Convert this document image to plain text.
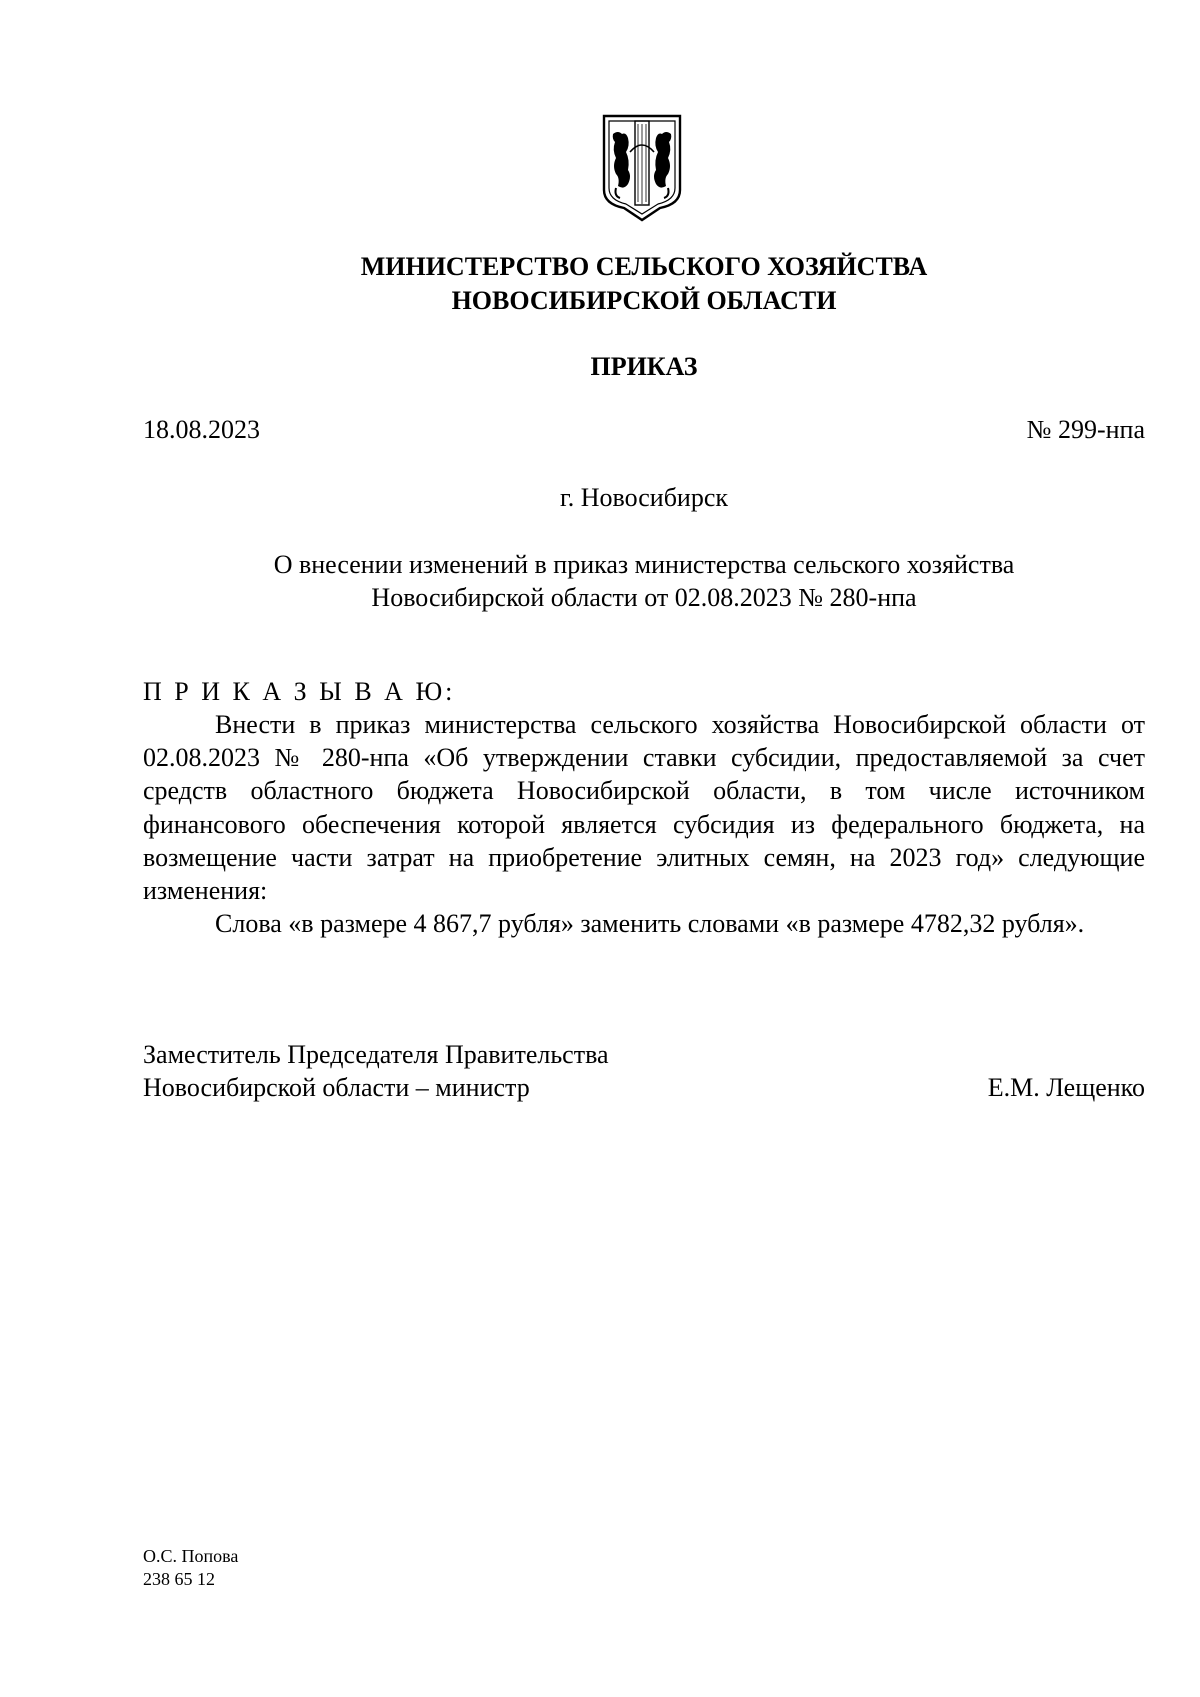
МИНИСТЕРСТВО СЕЛЬСКОГО ХОЗЯЙСТВА
НОВОСИБИРСКОЙ ОБЛАСТИ
ПРИКАЗ
18.08.2023	№ 299-нпа
г. Новосибирск
О внесении изменений в приказ министерства сельского хозяйства
Новосибирской области от 02.08.2023 № 280-нпа
П Р И К А З Ы В А Ю:

Внести в приказ министерства сельского хозяйства Новосибирской области от 02.08.2023 № 280-нпа «Об утверждении ставки субсидии, предоставляемой за счет средств областного бюджета Новосибирской области, в том числе источником финансового обеспечения которой является субсидия из федерального бюджета, на возмещение части затрат на приобретение элитных семян, на 2023 год» следующие изменения:

Слова «в размере 4 867,7 рубля» заменить словами «в размере 4782,32 рубля».

Заместитель Председателя Правительства
Новосибирской области – министр	Е.М. Лещенко
О.С. Попова
238 65 12
